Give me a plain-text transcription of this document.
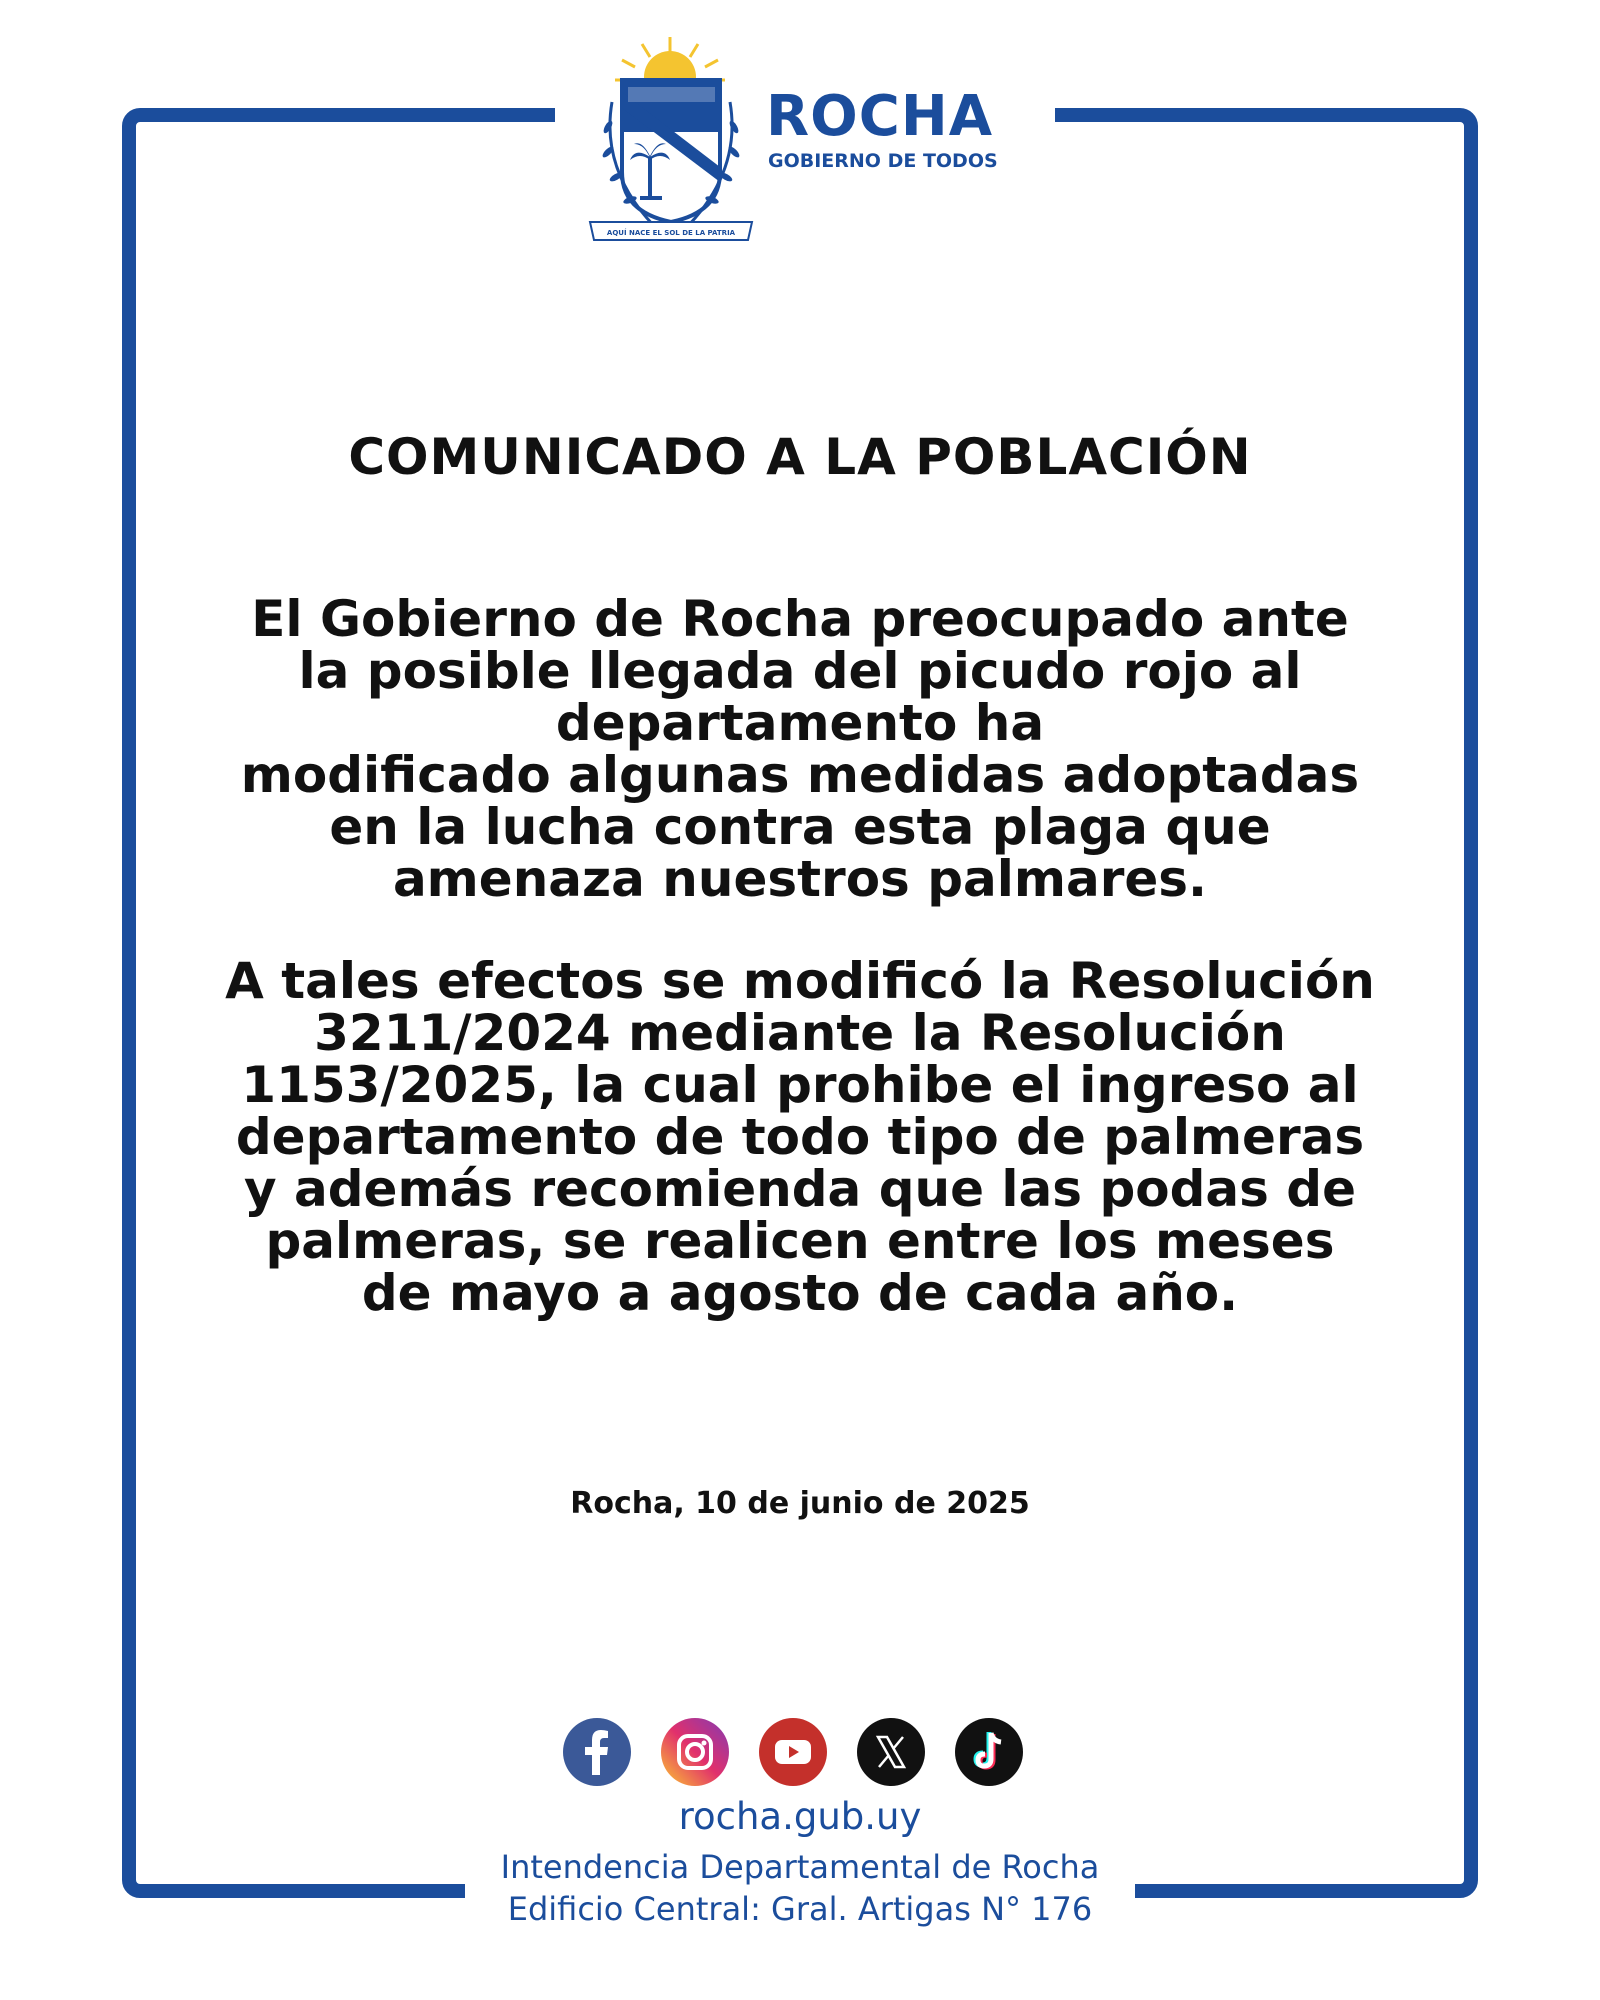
AQUÍ NACE EL SOL DE LA PATRIA
ROCHA
GOBIERNO DE TODOS
COMUNICADO A LA POBLACIÓN
El Gobierno de Rocha preocupado ante
la posible llegada del picudo rojo al
departamento ha
modificado algunas medidas adoptadas
en la lucha contra esta plaga que
amenaza nuestros palmares.
A tales efectos se modificó la Resolución
3211/2024 mediante la Resolución
1153/2025, la cual prohibe el ingreso al
departamento de todo tipo de palmeras
y además recomienda que las podas de
palmeras, se realicen entre los meses
de mayo a agosto de cada año.
Rocha, 10 de junio de 2025
rocha.gub.uy
Intendencia Departamental de Rocha
Edificio Central: Gral. Artigas N° 176
